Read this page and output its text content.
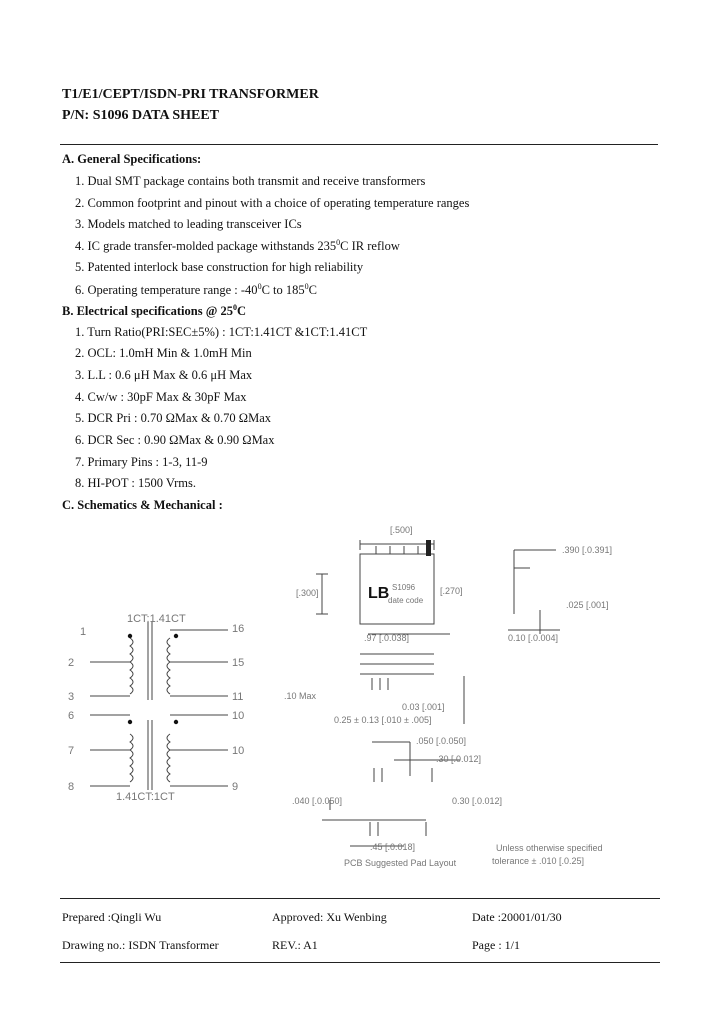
T1/E1/CEPT/ISDN-PRI TRANSFORMER
P/N: S1096 DATA SHEET
A. General Specifications:
1. Dual SMT package contains both transmit and receive transformers
2. Common footprint and pinout with a choice of operating temperature ranges
3. Models matched to leading transceiver ICs
4. IC grade transfer-molded package withstands $235^0C$ IR reflow
5. Patented interlock base construction for high reliability
6. Operating temperature range : $-40^0C$ to $185^0C$
B. Electrical specifications @ $25^0C$
1. Turn Ratio(PRI:SEC±5%) : 1CT:1.41CT &1CT:1.41CT
2. OCL: 1.0mH Min & 1.0mH Min
3. L.L : 0.6 μH Max & 0.6 μH Max
4. Cw/w : 30pF Max & 30pF Max
5. DCR Pri : 0.70 ΩMax & 0.70 ΩMax
6. DCR Sec : 0.90 ΩMax & 0.90 ΩMax
7. Primary Pins : 1-3, 11-9
8. HI-POT : 1500 Vrms.
C. Schematics & Mechanical :
1CT:1.41CT
1.41CT:1CT
16
15
11
10
10
9
1
2
3
6
7
8
LB S1096
date code
[.500]
.390 [.0.391]
.025 [.001]
[.300]	[.270]
.97 [.0.038]	0.10 [.0.004]
.10 Max
0.03 [.001]
0.25 ± 0.13 [.010 ± .005]
.050 [.0.050]
.30 [.0.012]
.040 [.0.050]	0.30 [.0.012]
.45 [.0.018]
PCB Suggested Pad Layout
Unless otherwise specified
tolerance ± .010 [.0.25]
Prepared :Qingli Wu	Approved: Xu Wenbing	Date :20001/01/30
Drawing no.: ISDN Transformer	REV.: A1	Page : 1/1
